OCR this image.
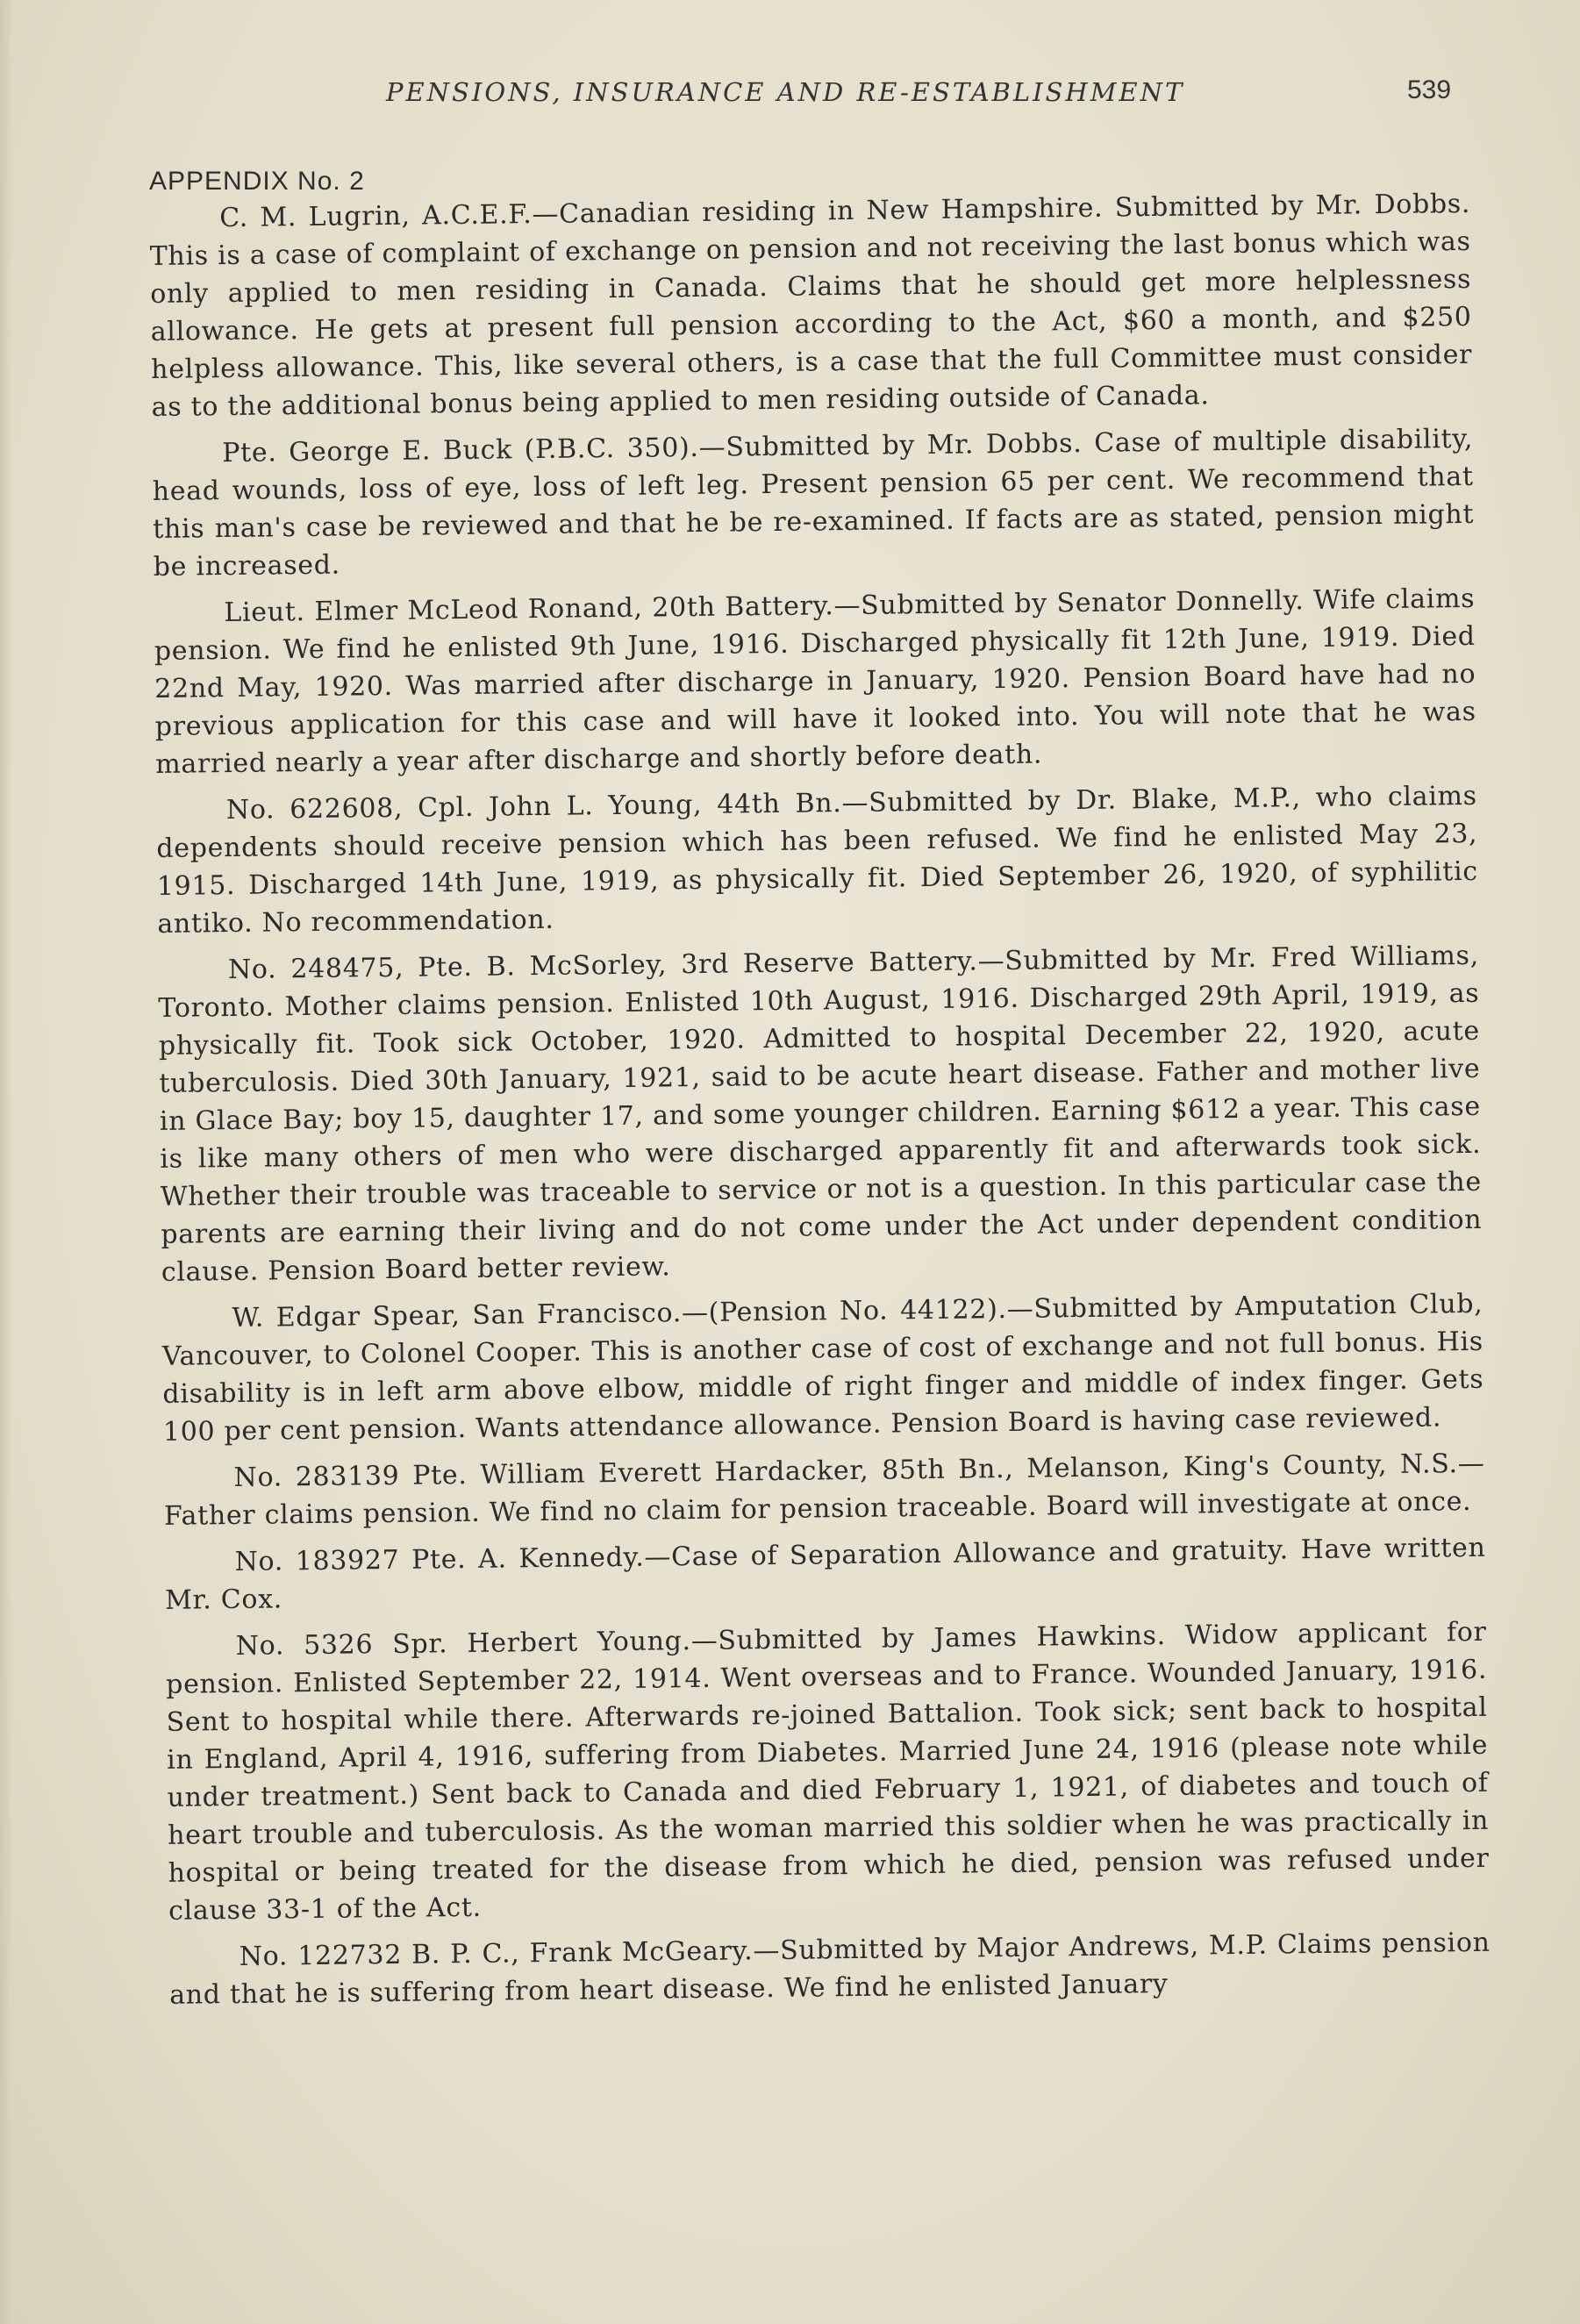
PENSIONS, INSURANCE AND RE-ESTABLISHMENT	539
APPENDIX No. 2

C. M. Lugrin, A.C.E.F.—Canadian residing in New Hampshire. Submitted by Mr. Dobbs. This is a case of complaint of exchange on pension and not receiving the last bonus which was only applied to men residing in Canada. Claims that he should get more helplessness allowance. He gets at present full pension according to the Act, $60 a month, and $250 helpless allowance. This, like several others, is a case that the full Committee must consider as to the additional bonus being applied to men residing outside of Canada.

Pte. George E. Buck (P.B.C. 350).—Submitted by Mr. Dobbs. Case of multiple disability, head wounds, loss of eye, loss of left leg. Present pension 65 per cent. We recommend that this man's case be reviewed and that he be re-examined. If facts are as stated, pension might be increased.

Lieut. Elmer McLeod Ronand, 20th Battery.—Submitted by Senator Donnelly. Wife claims pension. We find he enlisted 9th June, 1916. Discharged physically fit 12th June, 1919. Died 22nd May, 1920. Was married after discharge in January, 1920. Pension Board have had no previous application for this case and will have it looked into. You will note that he was married nearly a year after discharge and shortly before death.

No. 622608, Cpl. John L. Young, 44th Bn.—Submitted by Dr. Blake, M.P., who claims dependents should receive pension which has been refused. We find he enlisted May 23, 1915. Discharged 14th June, 1919, as physically fit. Died September 26, 1920, of syphilitic antiko. No recommendation.

No. 248475, Pte. B. McSorley, 3rd Reserve Battery.—Submitted by Mr. Fred Williams, Toronto. Mother claims pension. Enlisted 10th August, 1916. Discharged 29th April, 1919, as physically fit. Took sick October, 1920. Admitted to hospital December 22, 1920, acute tuberculosis. Died 30th January, 1921, said to be acute heart disease. Father and mother live in Glace Bay; boy 15, daughter 17, and some younger children. Earning $612 a year. This case is like many others of men who were discharged apparently fit and afterwards took sick. Whether their trouble was traceable to service or not is a question. In this particular case the parents are earning their living and do not come under the Act under dependent condition clause. Pension Board better review.

W. Edgar Spear, San Francisco.—(Pension No. 44122).—Submitted by Amputation Club, Vancouver, to Colonel Cooper. This is another case of cost of exchange and not full bonus. His disability is in left arm above elbow, middle of right finger and middle of index finger. Gets 100 per cent pension. Wants attendance allowance. Pension Board is having case reviewed.

No. 283139 Pte. William Everett Hardacker, 85th Bn., Melanson, King's County, N.S.—Father claims pension. We find no claim for pension traceable. Board will investigate at once.

No. 183927 Pte. A. Kennedy.—Case of Separation Allowance and gratuity. Have written Mr. Cox.

No. 5326 Spr. Herbert Young.—Submitted by James Hawkins. Widow applicant for pension. Enlisted September 22, 1914. Went overseas and to France. Wounded January, 1916. Sent to hospital while there. Afterwards re-joined Battalion. Took sick; sent back to hospital in England, April 4, 1916, suffering from Diabetes. Married June 24, 1916 (please note while under treatment.) Sent back to Canada and died February 1, 1921, of diabetes and touch of heart trouble and tuberculosis. As the woman married this soldier when he was practically in hospital or being treated for the disease from which he died, pension was refused under clause 33-1 of the Act.

No. 122732 B. P. C., Frank McGeary.—Submitted by Major Andrews, M.P. Claims pension and that he is suffering from heart disease. We find he enlisted January
